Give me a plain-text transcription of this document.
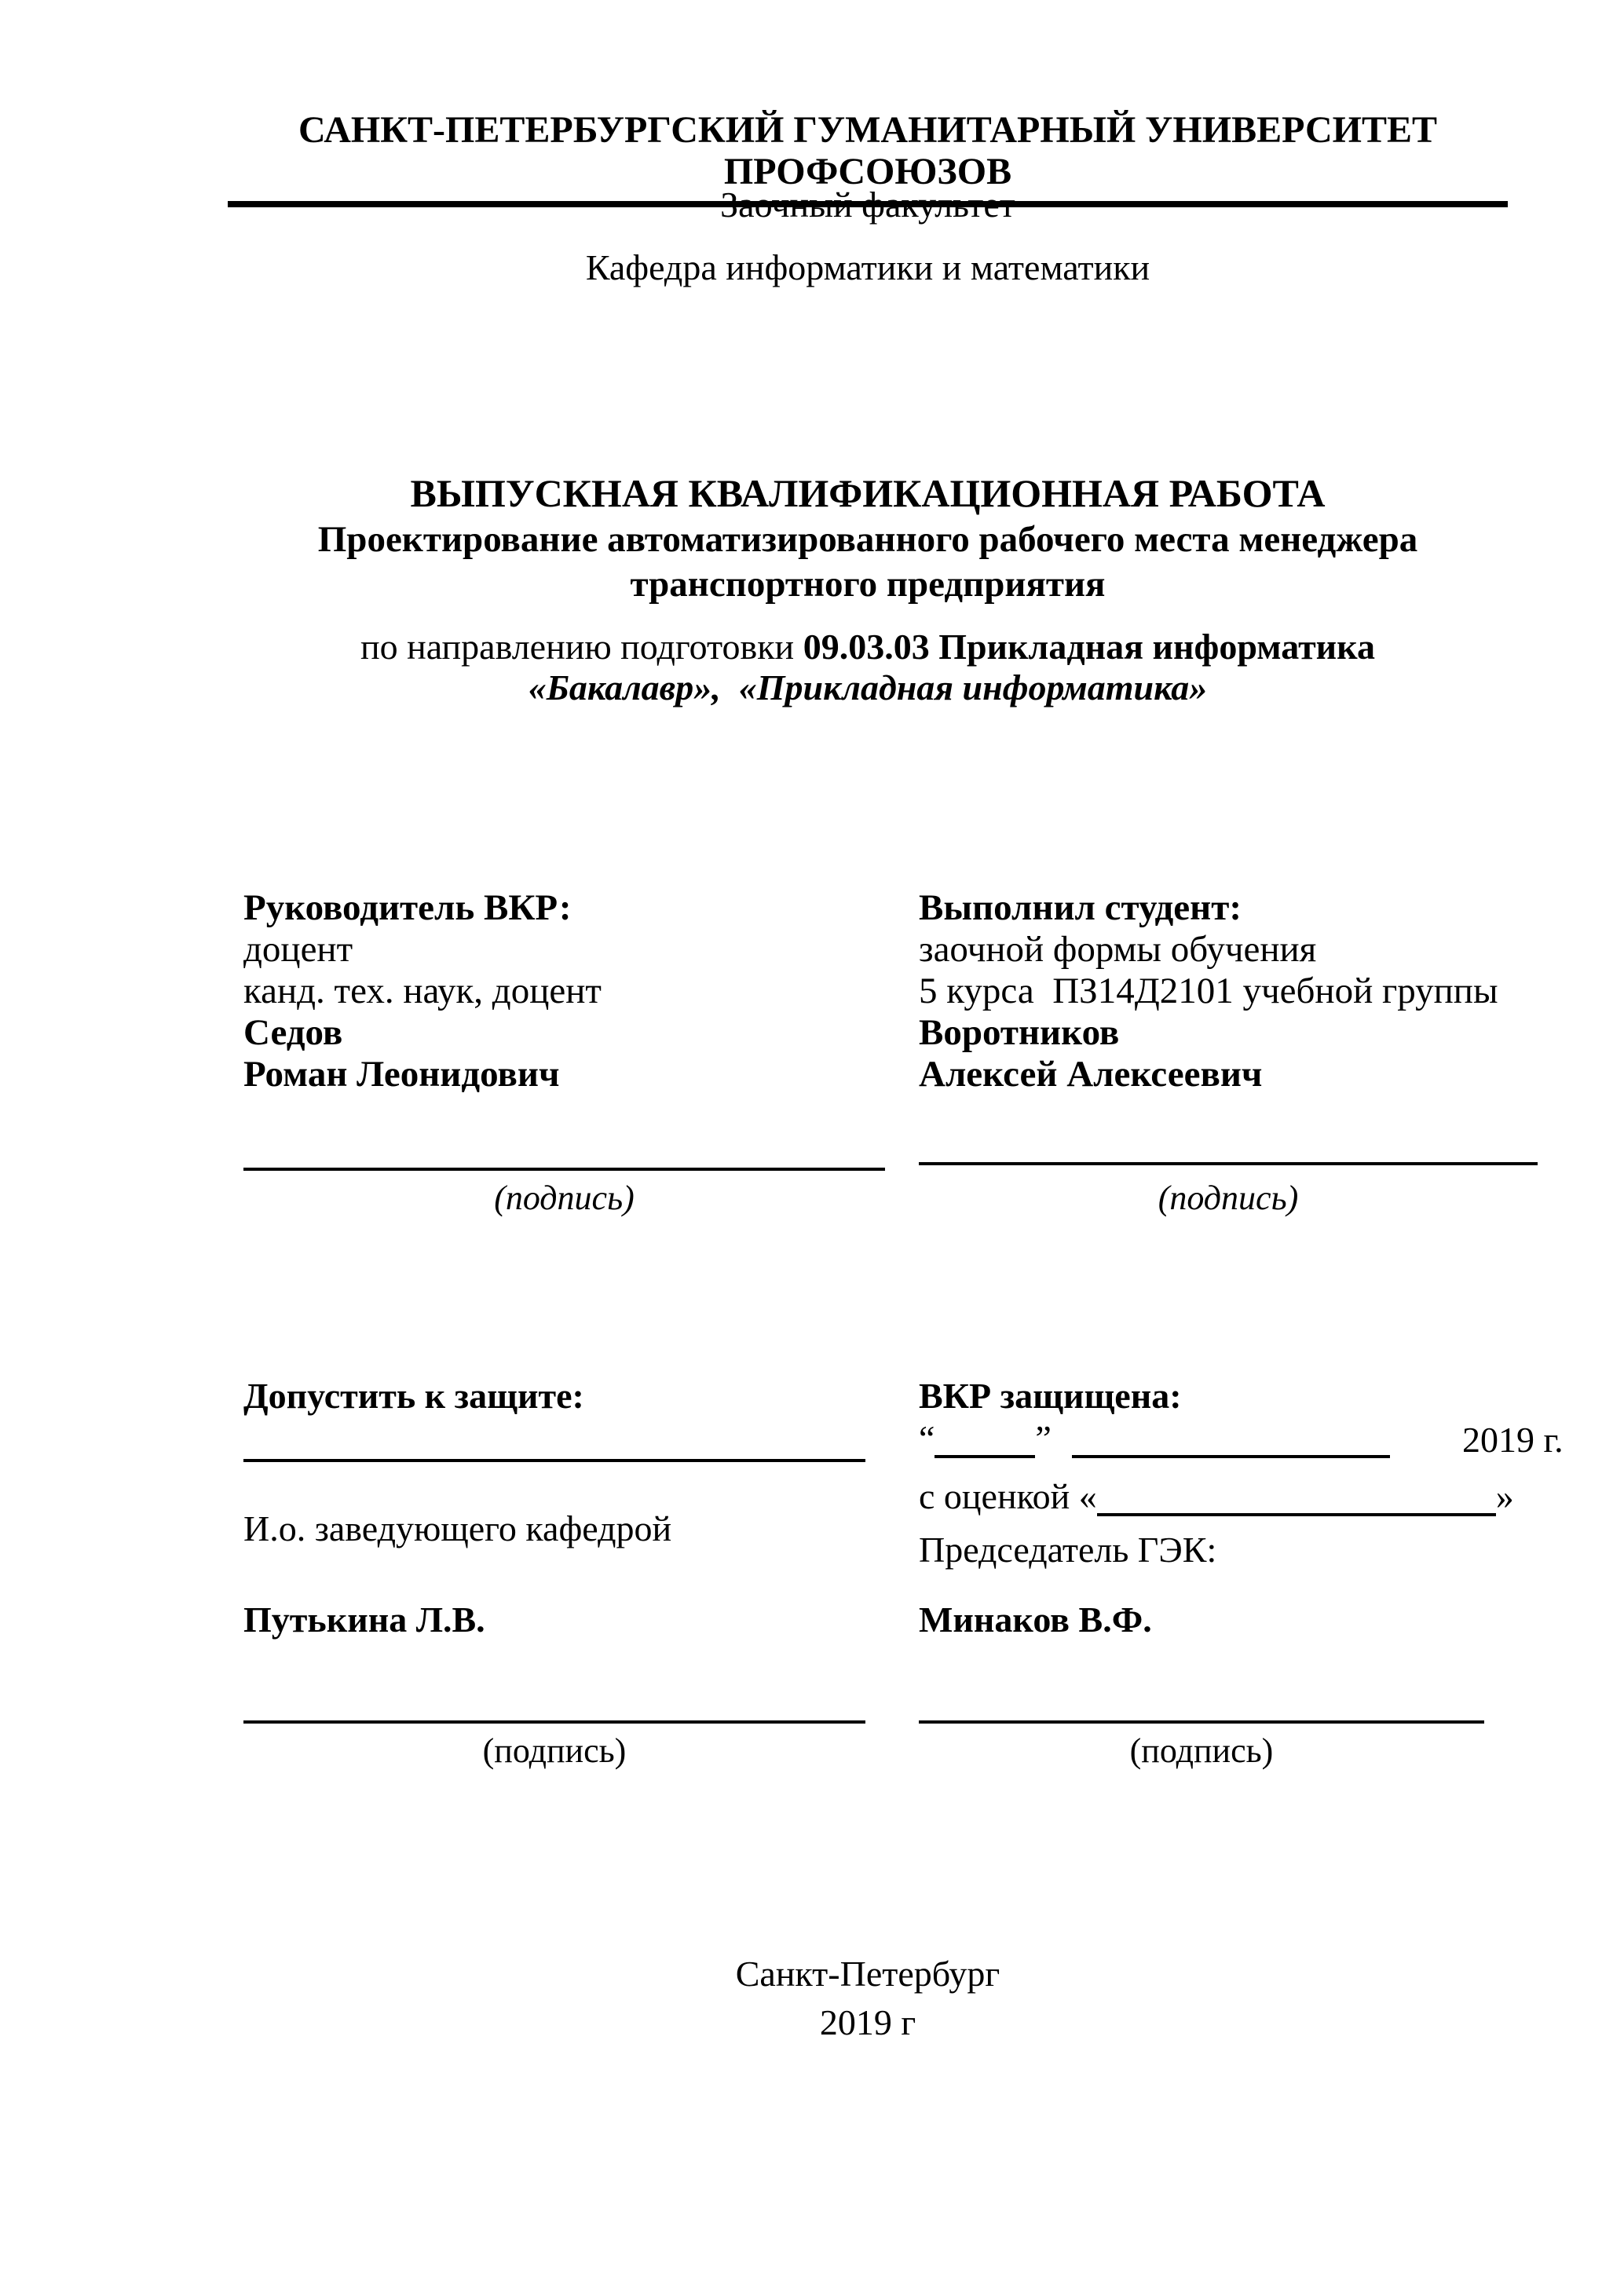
САНКТ-ПЕТЕРБУРГСКИЙ ГУМАНИТАРНЫЙ УНИВЕРСИТЕТ ПРОФСОЮЗОВ
Заочный факультет
Кафедра информатики и математики
ВЫПУСКНАЯ КВАЛИФИКАЦИОННАЯ РАБОТА
Проектирование автоматизированного рабочего места менеджера
транспортного предприятия
по направлению подготовки 09.03.03 Прикладная информатика
«Бакалавр»,  «Прикладная информатика»
Руководитель ВКР:
доцент
канд. тех. наук, доцент
Седов
Роман Леонидович
Выполнил студент:
заочной формы обучения
5 курса  ПЗ14Д2101 учебной группы
Воротников
Алексей Алексеевич
(подпись)	(подпись)
Допустить к защите:
И.о. заведующего кафедрой
Путькина Л.В.
ВКР защищена:
“	”	2019 г.
с оценкой «	»
Председатель ГЭК:
Минаков В.Ф.
(подпись)	(подпись)
Санкт-Петербург
2019 г
